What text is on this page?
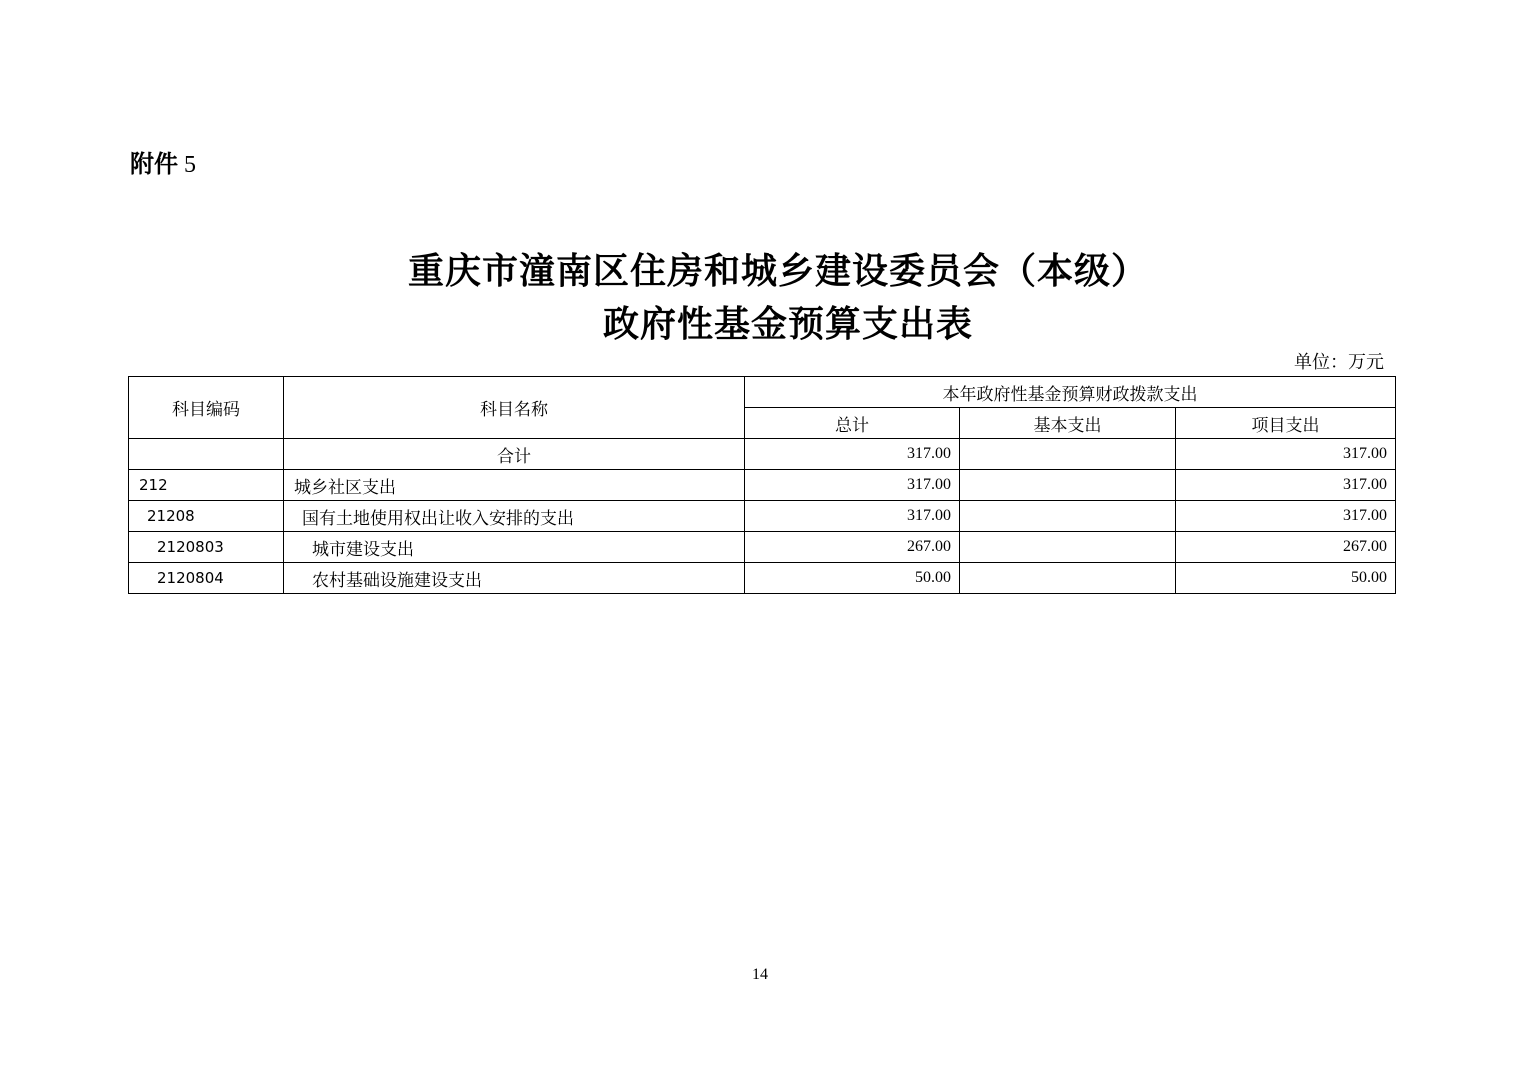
附件 5
重庆市潼南区住房和城乡建设委员会（本级）
政府性基金预算支出表
单位：万元
科目编码	科目名称	本年政府性基金预算财政拨款支出		
		总计	基本支出	项目支出
	合计	317.00		317.00
212	城乡社区支出	317.00		317.00
21208	国有土地使用权出让收入安排的支出	317.00		317.00
2120803	城市建设支出	267.00		267.00
2120804	农村基础设施建设支出	50.00		50.00
14
